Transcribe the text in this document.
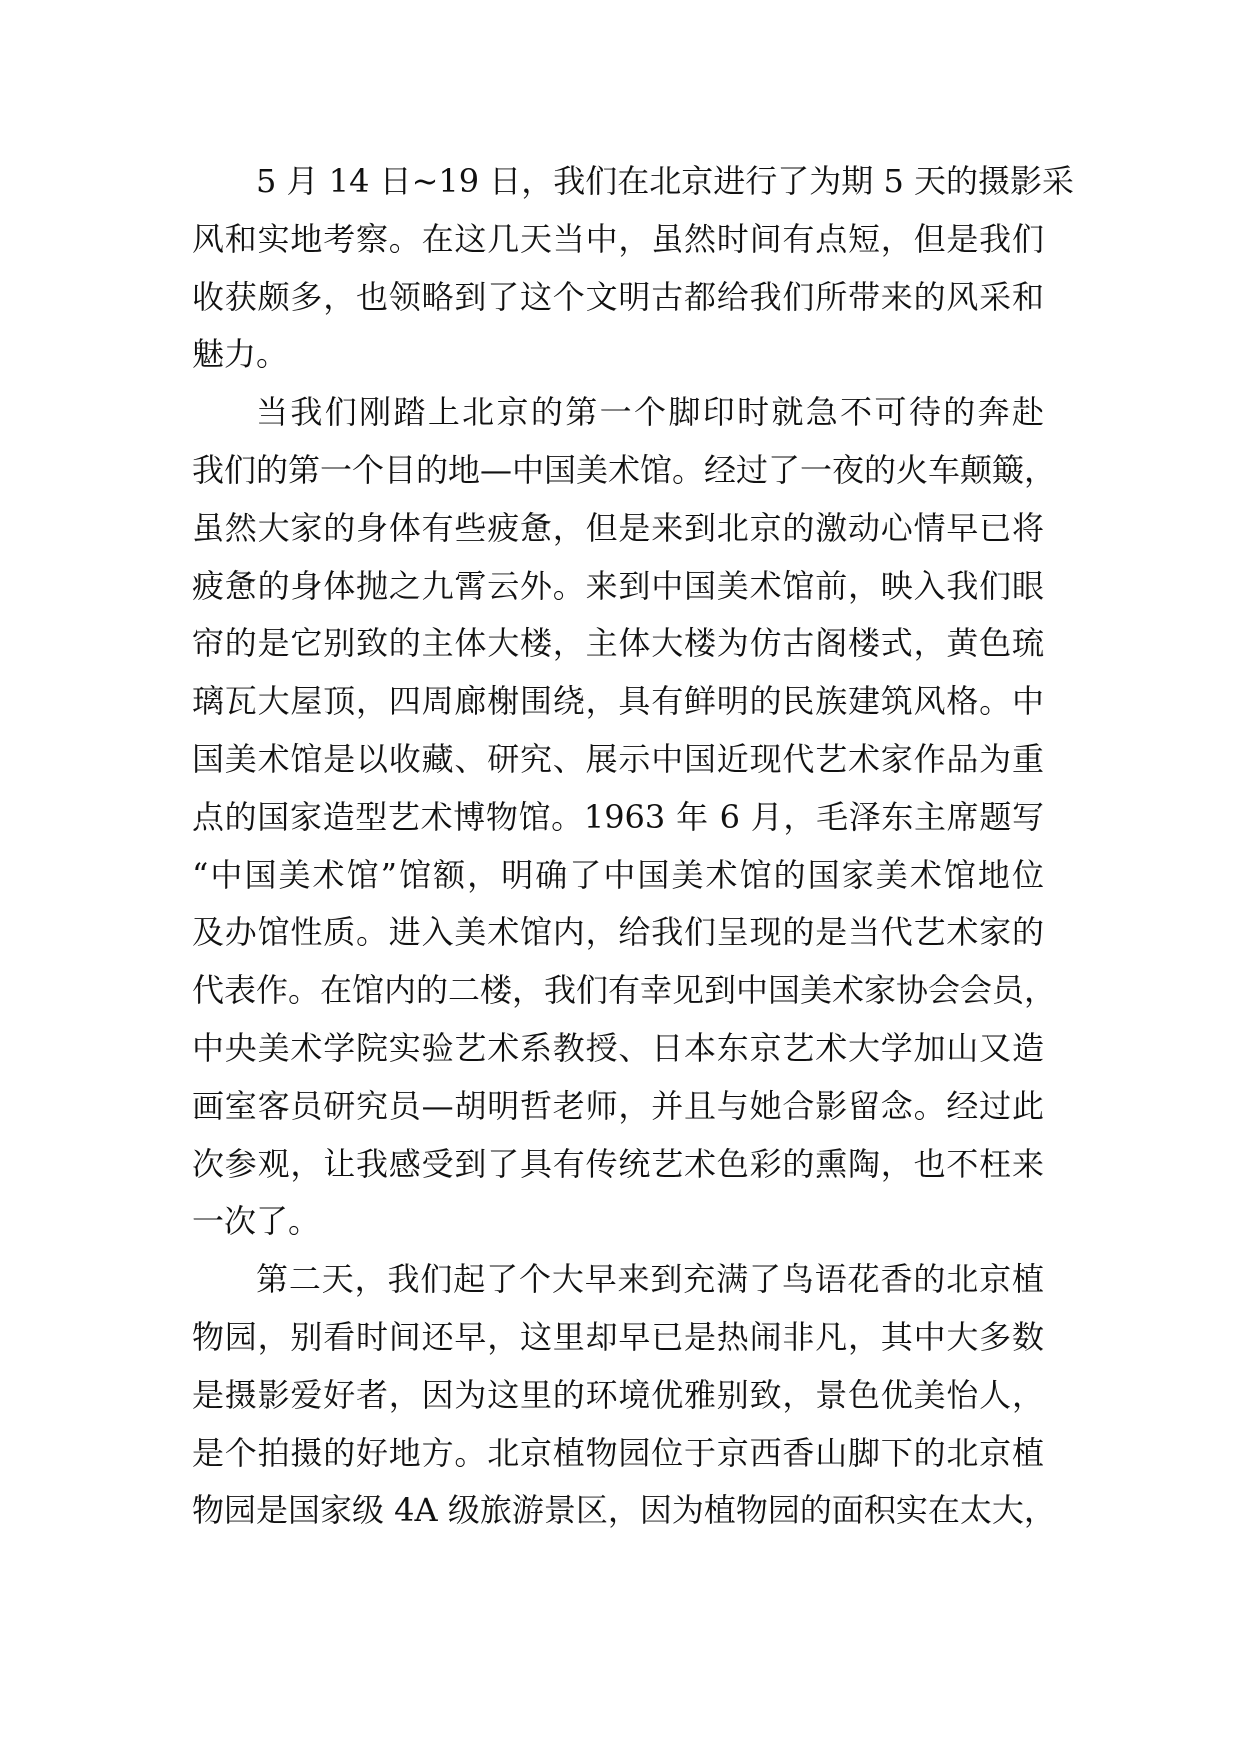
5 月 14 日~19 日，我们在北京进行了为期 5 天的摄影采
风和实地考察。在这几天当中，虽然时间有点短，但是我们
收获颇多，也领略到了这个文明古都给我们所带来的风采和
魅力。
当我们刚踏上北京的第一个脚印时就急不可待的奔赴
我们的第一个目的地—中国美术馆。经过了一夜的火车颠簸，
虽然大家的身体有些疲惫，但是来到北京的激动心情早已将
疲惫的身体抛之九霄云外。来到中国美术馆前，映入我们眼
帘的是它别致的主体大楼，主体大楼为仿古阁楼式，黄色琉
璃瓦大屋顶，四周廊榭围绕，具有鲜明的民族建筑风格。中
国美术馆是以收藏、研究、展示中国近现代艺术家作品为重
点的国家造型艺术博物馆。1963 年 6 月，毛泽东主席题写
“中国美术馆”馆额，明确了中国美术馆的国家美术馆地位
及办馆性质。进入美术馆内，给我们呈现的是当代艺术家的
代表作。在馆内的二楼，我们有幸见到中国美术家协会会员，
中央美术学院实验艺术系教授、日本东京艺术大学加山又造
画室客员研究员—胡明哲老师，并且与她合影留念。经过此
次参观，让我感受到了具有传统艺术色彩的熏陶，也不枉来
一次了。
第二天，我们起了个大早来到充满了鸟语花香的北京植
物园，别看时间还早，这里却早已是热闹非凡，其中大多数
是摄影爱好者，因为这里的环境优雅别致，景色优美怡人，
是个拍摄的好地方。北京植物园位于京西香山脚下的北京植
物园是国家级 4A 级旅游景区，因为植物园的面积实在太大，
